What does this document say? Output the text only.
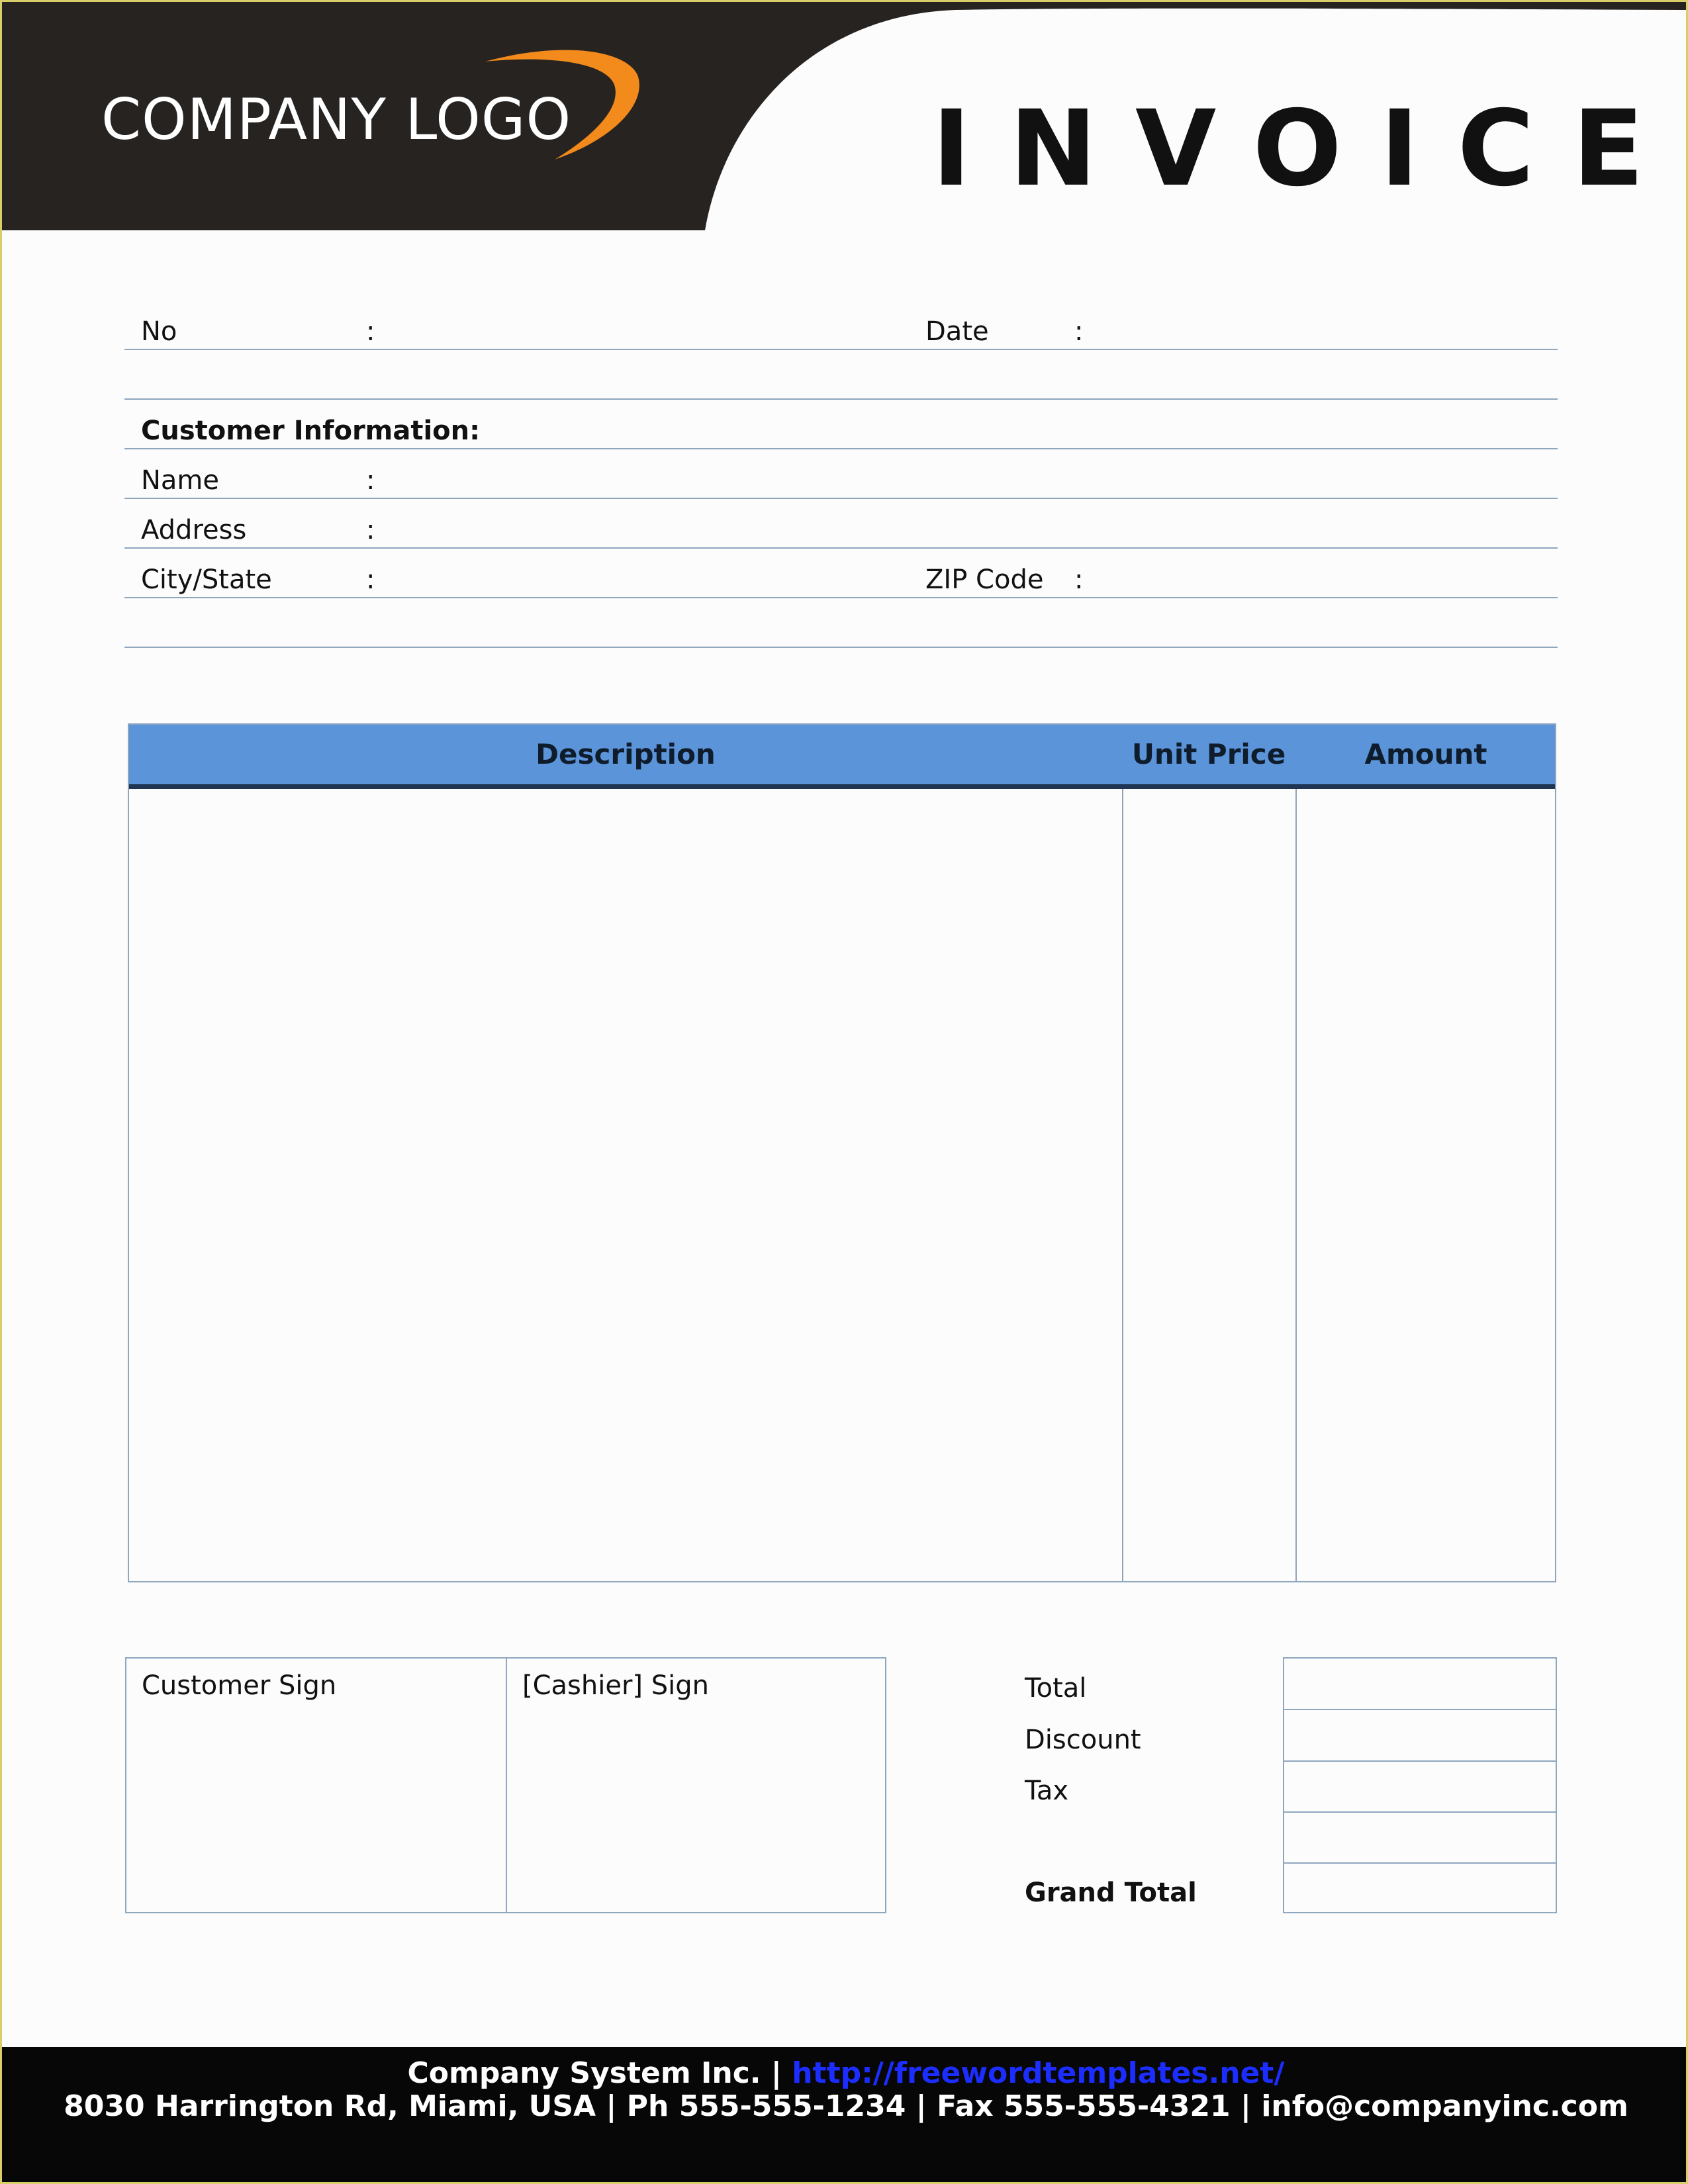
COMPANY LOGO	INVOICE
No	:	Date	:
Customer Information:
Name	:
Address	:
City/State	:	ZIP Code :
Description	Unit Price	Amount
Customer Sign	[Cashier] Sign	Total
Discount
Tax
Grand Total
Company System Inc. | http://freewordtemplates.net/
8030 Harrington Rd, Miami, USA | Ph 555-555-1234 | Fax 555-555-4321 | info@companyinc.com
